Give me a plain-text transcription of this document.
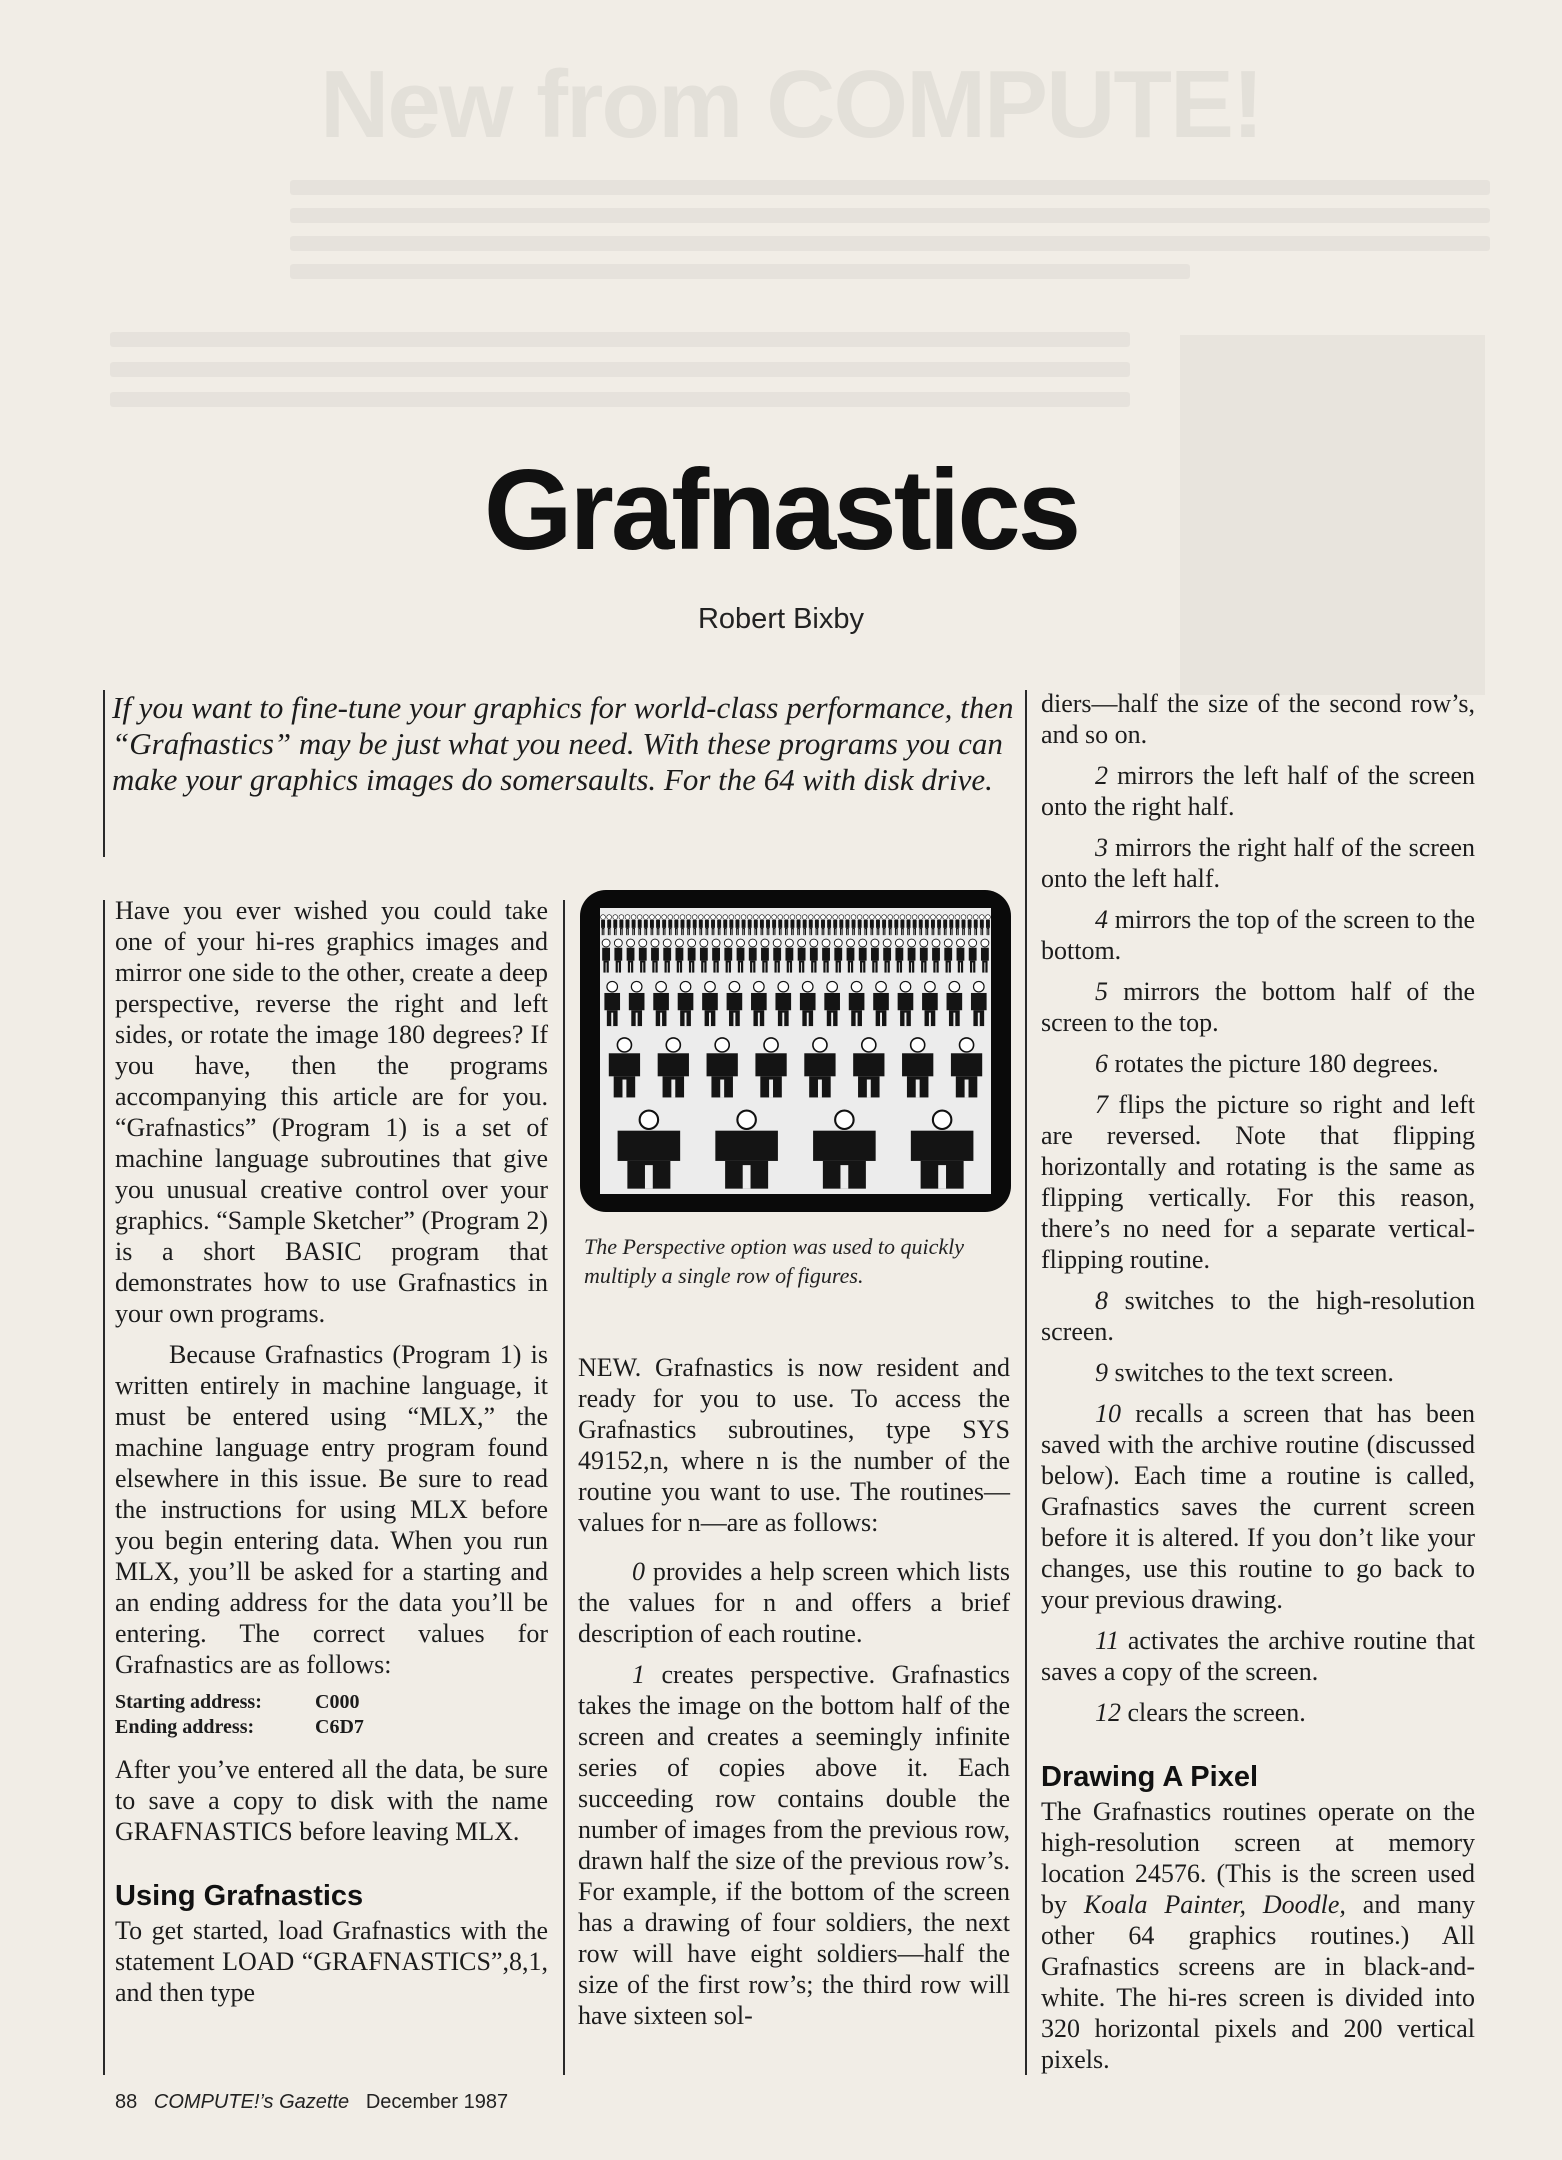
New from COMPUTE!
Grafnastics
Robert Bixby

If you want to fine-tune your graphics for world-class performance, then “Grafnastics” may be just what you need. With these programs you can make your graphics images do somersaults. For the 64 with disk drive.

Have you ever wished you could take one of your hi-res graphics images and mirror one side to the other, create a deep perspective, reverse the right and left sides, or rotate the image 180 degrees? If you have, then the programs accompanying this article are for you. “Grafnastics” (Program 1) is a set of machine language subroutines that give you unusual creative control over your graphics. “Sample Sketcher” (Program 2) is a short BASIC program that demonstrates how to use Grafnastics in your own programs.

Because Grafnastics (Program 1) is written entirely in machine language, it must be entered using “MLX,” the machine language entry program found elsewhere in this issue. Be sure to read the instructions for using MLX before you begin entering data. When you run MLX, you’ll be asked for a starting and an ending address for the data you’ll be entering. The correct values for Grafnastics are as follows:

Starting address:	C000
Ending address:	C6D7

After you’ve entered all the data, be sure to save a copy to disk with the name GRAFNASTICS before leaving MLX.

Using Grafnastics

To get started, load Grafnastics with the statement LOAD “GRAFNASTICS”,8,1, and then type

The Perspective option was used to quickly multiply a single row of figures.

NEW. Grafnastics is now resident and ready for you to use. To access the Grafnastics subroutines, type SYS 49152,n, where n is the number of the routine you want to use. The routines—values for n—are as follows:

0 provides a help screen which lists the values for n and offers a brief description of each routine.

1 creates perspective. Grafnastics takes the image on the bottom half of the screen and creates a seemingly infinite series of copies above it. Each succeeding row contains double the number of images from the previous row, drawn half the size of the previous row’s. For example, if the bottom of the screen has a drawing of four soldiers, the next row will have eight soldiers—half the size of the first row’s; the third row will have sixteen sol-

diers—half the size of the second row’s, and so on.

2 mirrors the left half of the screen onto the right half.

3 mirrors the right half of the screen onto the left half.

4 mirrors the top of the screen to the bottom.

5 mirrors the bottom half of the screen to the top.

6 rotates the picture 180 degrees.

7 flips the picture so right and left are reversed. Note that flipping horizontally and rotating is the same as flipping vertically. For this reason, there’s no need for a separate vertical-flipping routine.

8 switches to the high-resolution screen.

9 switches to the text screen.

10 recalls a screen that has been saved with the archive routine (discussed below). Each time a routine is called, Grafnastics saves the current screen before it is altered. If you don’t like your changes, use this routine to go back to your previous drawing.

11 activates the archive routine that saves a copy of the screen.

12 clears the screen.

Drawing A Pixel

The Grafnastics routines operate on the high-resolution screen at memory location 24576. (This is the screen used by Koala Painter, Doodle, and many other 64 graphics routines.) All Grafnastics screens are in black-and-white. The hi-res screen is divided into 320 horizontal pixels and 200 vertical pixels.

88 COMPUTE!’s Gazette December 1987
